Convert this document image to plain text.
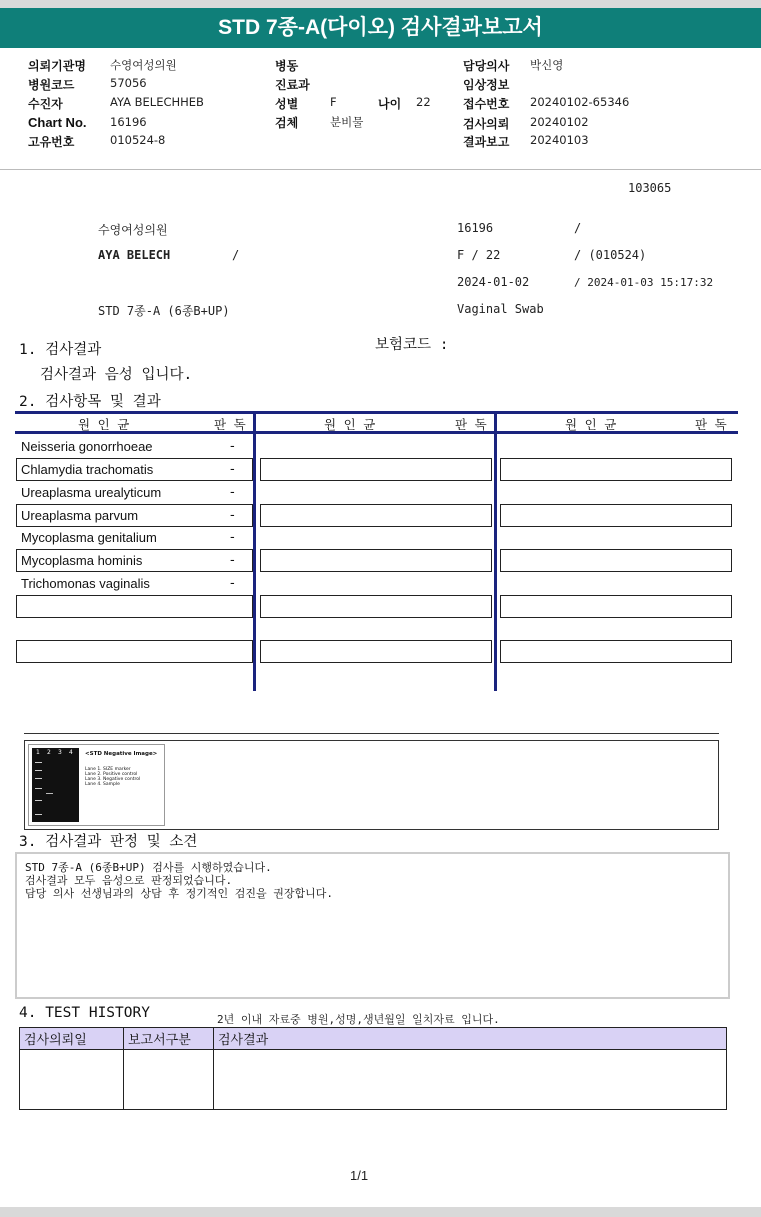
STD 7종-A(다이오) 검사결과보고서
의뢰기관명 수영여성의원
병원코드	57056
수진자	AYA BELECHHEB
Chart No. 16196
고유번호	010524-8
병동
진료과
성별	F	나이 22
검체	분비물
담당의사 박신영
임상정보
접수번호 20240102-65346
검사의뢰 20240102
결과보고 20240103
103065
수영여성의원	16196	/
AYA BELECH	/	F / 22	/ (010524)
2024-01-02	/ 2024-01-03 15:17:32
STD 7종-A (6종B+UP)	Vaginal Swab
1. 검사결과	보험코드 :
검사결과 음성 입니다.
2. 검사항목 및 결과
원 인 균	판 독	원 인 균	판 독	원 인 균	판 독
Neisseria gonorrhoeae	-
Chlamydia trachomatis	-
Ureaplasma urealyticum	-
Ureaplasma parvum	-
Mycoplasma genitalium	-
Mycoplasma hominis	-
Trichomonas vaginalis	-
1 2 3 4 <STD Negative Image>
Lane 1. SIZE marker
Lane 2. Positive control
Lane 3. Negative control
Lane 4. Sample
3. 검사결과 판정 및 소견
STD 7종-A (6종B+UP) 검사를 시행하였습니다.
검사결과 모두 음성으로 판정되었습니다.
담당 의사 선생님과의 상담 후 정기적인 검진을 권장합니다.
4. TEST HISTORY	2년 이내 자료중 병원,성명,생년월일 일치자료 입니다.
검사의뢰일	보고서구분	검사결과

1/1
